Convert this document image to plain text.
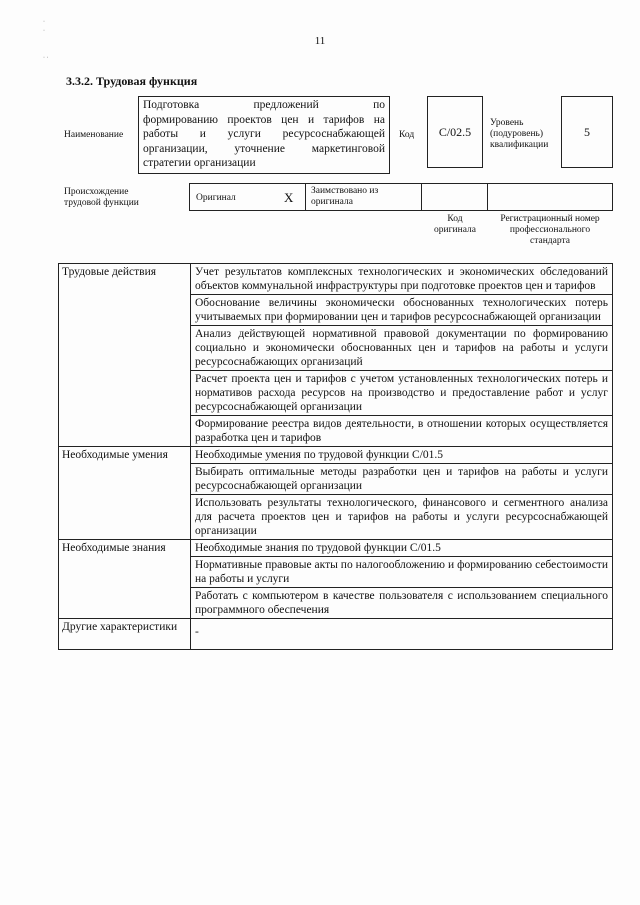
·
·

· ·
11
3.3.2. Трудовая функция
Наименование
Подготовка предложений по
формированию проектов цен и тарифов на
работы и услуги ресурсоснабжающей
организации, уточнение маркетинговой
стратегии организации
Код C/02.5
Уровень
(подуровень)
квалификации
5
Происхождение
трудовой функции	Оригинал	X Заимствовано из
оригинала
Код
оригинала
Регистрационный номер
профессионального
стандарта
Трудовые действия	Учет результатов комплексных технологических и экономических обследований объектов коммунальной инфраструктуры при подготовке проектов цен и тарифов
	Обоснование величины экономически обоснованных технологических потерь учитываемых при формировании цен и тарифов ресурсоснабжающей организации
	Анализ действующей нормативной правовой документации по формированию социально и экономически обоснованных цен и тарифов на работы и услуги ресурсоснабжающих организаций
	Расчет проекта цен и тарифов с учетом установленных технологических потерь и нормативов расхода ресурсов на производство и предоставление работ и услуг ресурсоснабжающей организации
	Формирование реестра видов деятельности, в отношении которых осуществляется разработка цен и тарифов
Необходимые умения	Необходимые умения по трудовой функции С/01.5
	Выбирать оптимальные методы разработки цен и тарифов на работы и услуги ресурсоснабжающей организации
	Использовать результаты технологического, финансового и сегментного анализа для расчета проектов цен и тарифов на работы и услуги ресурсоснабжающей организации
Необходимые знания	Необходимые знания по трудовой функции С/01.5
	Нормативные правовые акты по налогообложению и формированию себестоимости на работы и услуги
	Работать с компьютером в качестве пользователя с использованием специального программного обеспечения
Другие характеристики	-
